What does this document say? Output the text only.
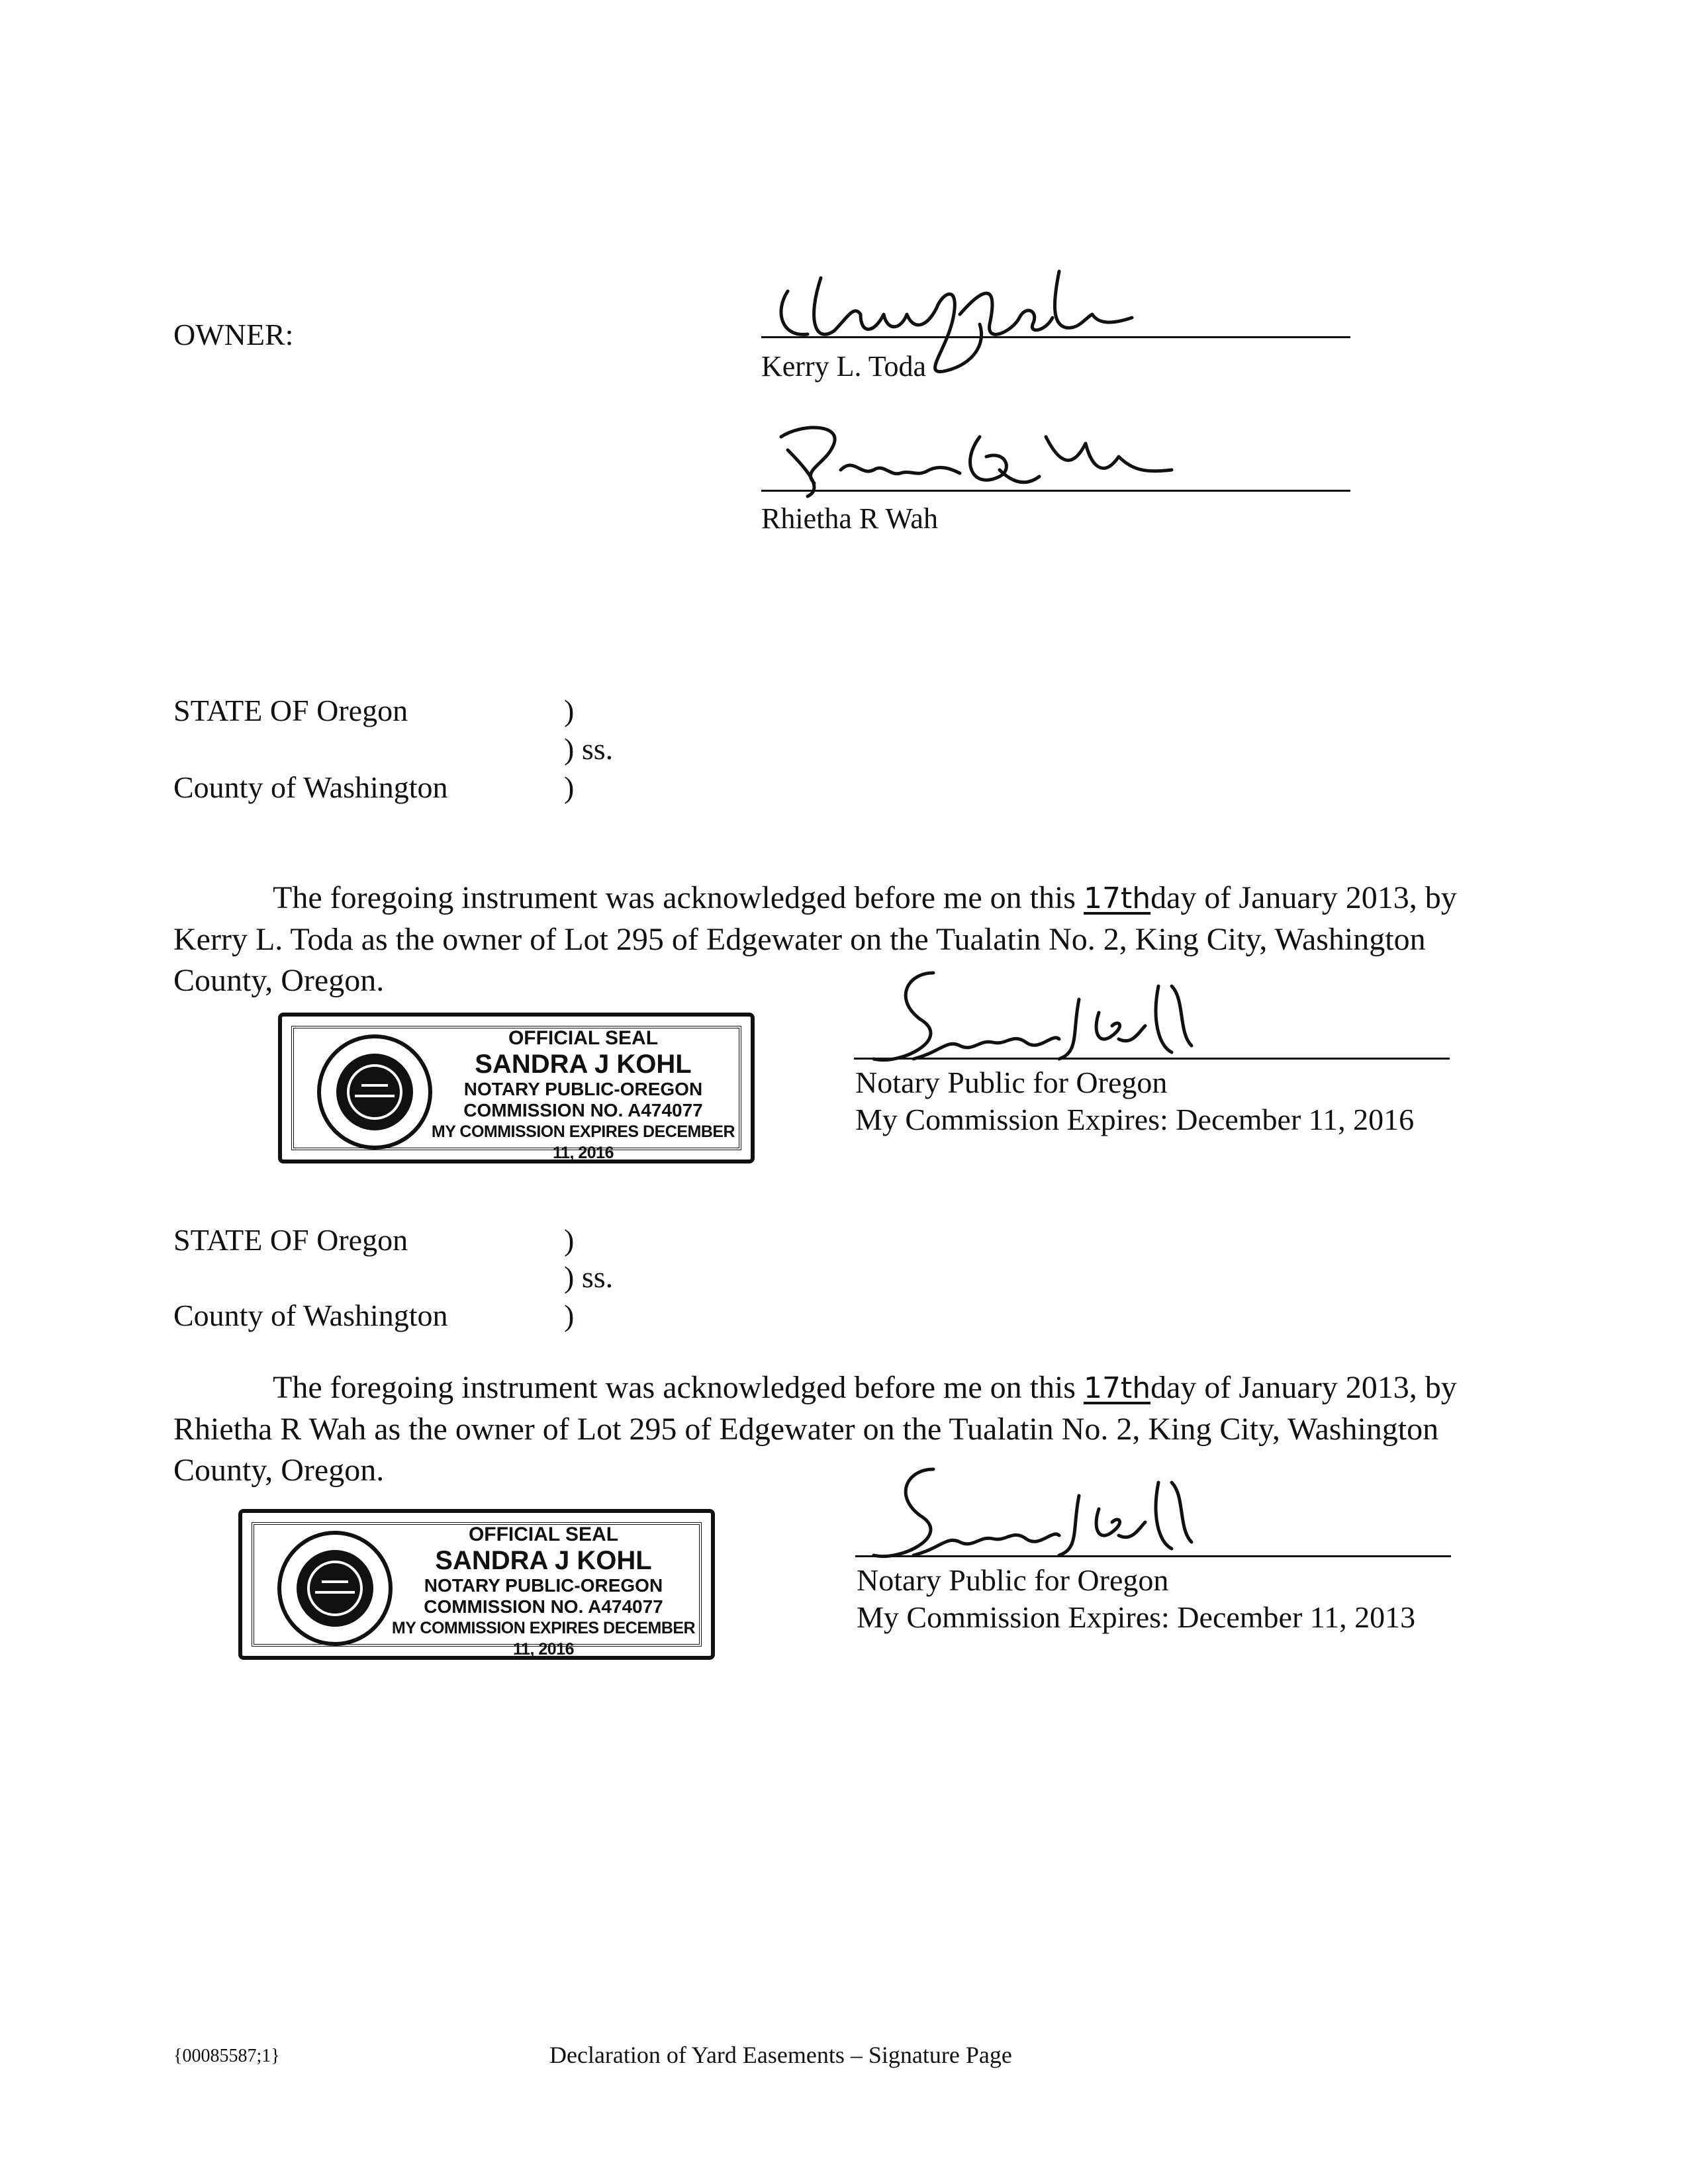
OWNER:
Kerry L. Toda
Rhietha R Wah
STATE OF Oregon	)
) ss.
County of Washington	)
The foregoing instrument was acknowledged before me on this 17thday of January 2013, by Kerry L. Toda as the owner of Lot 295 of Edgewater on the Tualatin No. 2, King City, Washington County, Oregon.
OFFICIAL SEAL
SANDRA J KOHL
NOTARY PUBLIC-OREGON
COMMISSION NO. A474077
MY COMMISSION EXPIRES DECEMBER 11, 2016
Notary Public for Oregon
My Commission Expires: December 11, 2016
STATE OF Oregon	)
) ss.
County of Washington	)
The foregoing instrument was acknowledged before me on this 17thday of January 2013, by Rhietha R Wah as the owner of Lot 295 of Edgewater on the Tualatin No. 2, King City, Washington County, Oregon.
OFFICIAL SEAL
SANDRA J KOHL
NOTARY PUBLIC-OREGON
COMMISSION NO. A474077
MY COMMISSION EXPIRES DECEMBER 11, 2016
Notary Public for Oregon
My Commission Expires: December 11, 2013
{00085587;1}	Declaration of Yard Easements – Signature Page
